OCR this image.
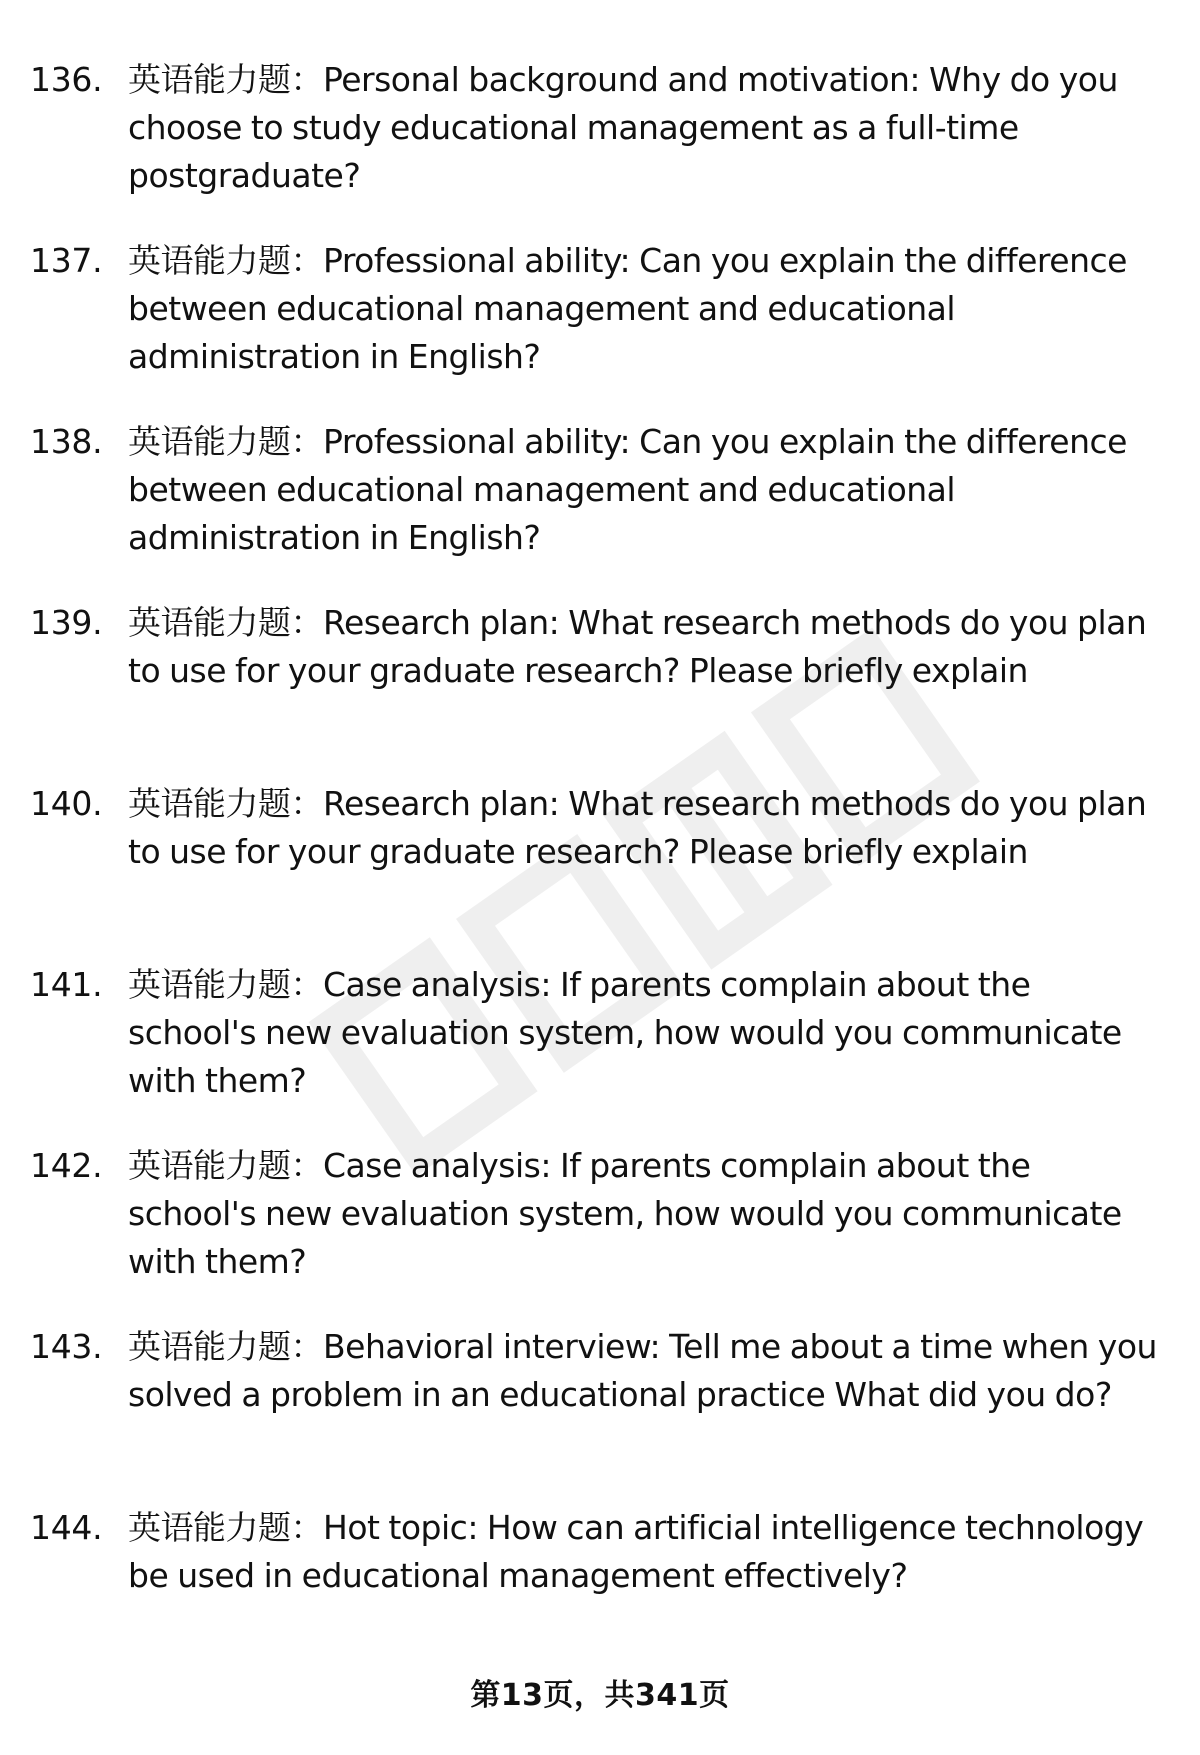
136. 英语能力题：Personal background and motivation: Why do you choose to study educational management as a full-time postgraduate?
137. 英语能力题：Professional ability: Can you explain the difference between educational management and educational administration in English?
138. 英语能力题：Professional ability: Can you explain the difference between educational management and educational administration in English?
139. 英语能力题：Research plan: What research methods do you plan to use for your graduate research? Please briefly explain
140. 英语能力题：Research plan: What research methods do you plan to use for your graduate research? Please briefly explain
141. 英语能力题：Case analysis: If parents complain about the school's new evaluation system, how would you communicate with them?
142. 英语能力题：Case analysis: If parents complain about the school's new evaluation system, how would you communicate with them?
143. 英语能力题：Behavioral interview: Tell me about a time when you solved a problem in an educational practice What did you do?
144. 英语能力题：Hot topic: How can artificial intelligence technology be used in educational management effectively?
第13页，共341页
